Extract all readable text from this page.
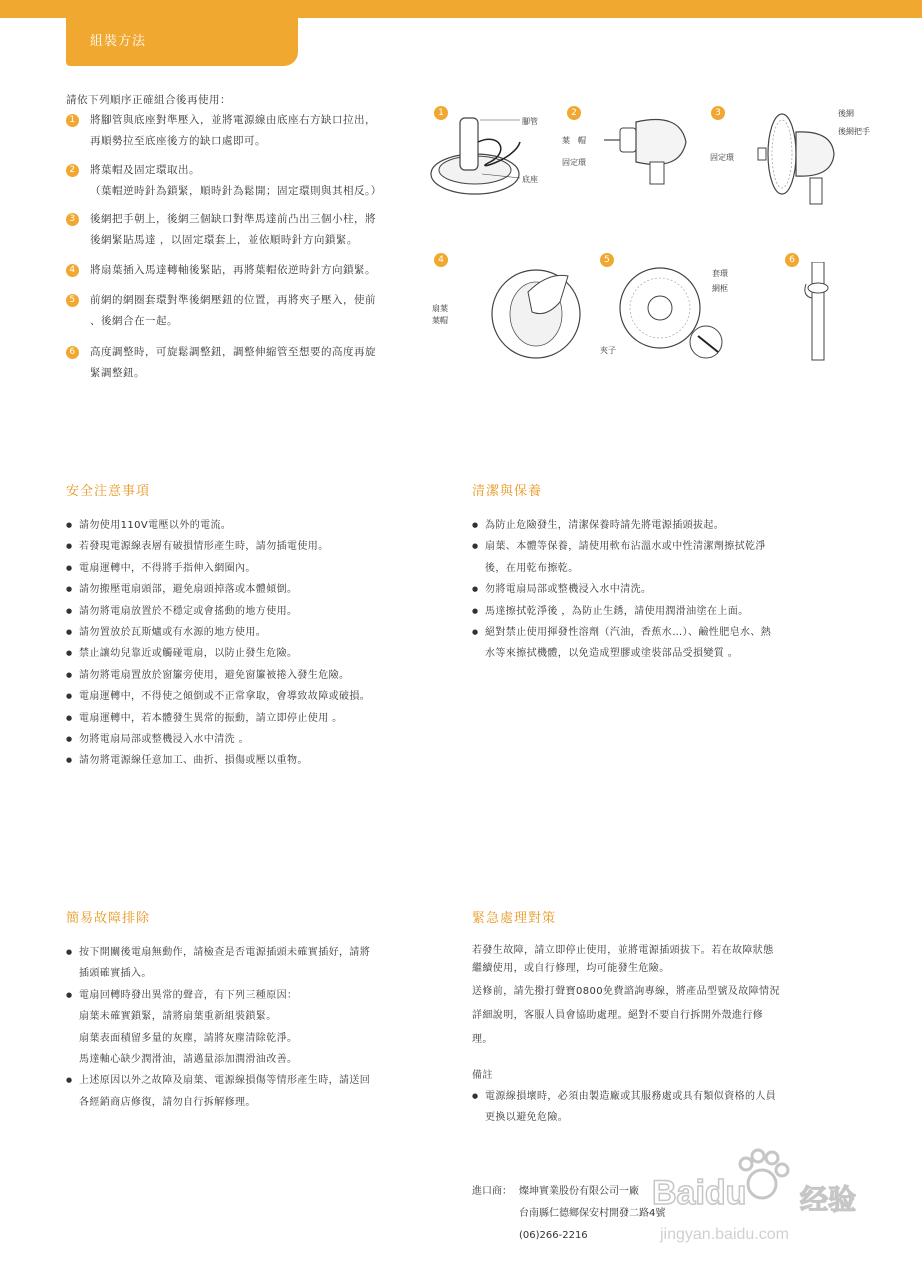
組裝方法
請依下列順序正確組合後再使用：
1	將腳管與底座對準壓入，並將電源線由底座右方缺口拉出，
再順勢拉至底座後方的缺口處即可。
2	將葉帽及固定環取出。
（葉帽逆時針為鎖緊，順時針為鬆開；固定環則與其相反。）
3	後網把手朝上，後網三個缺口對準馬達前凸出三個小柱，將
後網緊貼馬達 ，以固定環套上，並依順時針方向鎖緊。
4	將扇葉插入馬達轉軸後緊貼，再將葉帽依逆時針方向鎖緊。
5	前網的網圈套環對準後網壓鈕的位置，再將夾子壓入，使前
、後網合在一起。
6	高度調整時，可旋鬆調整鈕，調整伸縮管至想要的高度再旋
緊調整鈕。
1
腳管
底座
2
葉　帽
固定環
3	後網
後網把手
固定環
4
扇葉
葉帽
5
套環
網框
夾子
6
安全注意事項
● 請勿使用110V電壓以外的電流。
● 若發現電源線表層有破損情形產生時，請勿插電使用。
● 電扇運轉中，不得將手指伸入網圈內。
● 請勿搬壓電扇頭部，避免扇頭掉落或本體傾倒。
● 請勿將電扇放置於不穩定或會搖動的地方使用。
● 請勿置放於瓦斯爐或有水源的地方使用。
● 禁止讓幼兒靠近或觸碰電扇，以防止發生危險。
● 請勿將電扇置放於窗簾旁使用，避免窗簾被捲入發生危險。
● 電扇運轉中，不得使之傾倒或不正常拿取，會導致故障或破損。
● 電扇運轉中，若本體發生異常的振動，請立即停止使用 。
● 勿將電扇局部或整機浸入水中清洗 。
● 請勿將電源線任意加工、曲折、損傷或壓以重物。
清潔與保養
● 為防止危險發生，清潔保養時請先將電源插頭拔起。
● 扇葉、本體等保養，請使用軟布沾溫水或中性清潔劑擦拭乾淨
後，在用乾布擦乾。
● 勿將電扇局部或整機浸入水中清洗。
● 馬達擦拭乾淨後 ，為防止生銹，請使用潤滑油塗在上面。
● 絕對禁止使用揮發性溶劑（汽油，香蕉水…）、鹼性肥皂水、熱
水等來擦拭機體，以免造成塑膠或塗裝部品受損變質 。
簡易故障排除
● 按下開關後電扇無動作，請檢查是否電源插頭未確實插好，請將
插頭確實插入。
● 電扇回轉時發出異常的聲音，有下列三種原因：
扇葉未確實鎖緊，請將扇葉重新組裝鎖緊。
扇葉表面積留多量的灰塵，請將灰塵清除乾淨。
馬達軸心缺少潤滑油，請邁量添加潤滑油改善。
● 上述原因以外之故障及扇葉、電源線損傷等情形產生時，請送回
各經銷商店修復，請勿自行拆解修理。
緊急處理對策
若發生故障，請立即停止使用，並將電源插頭拔下。若在故障狀態
繼續使用，或自行修理，均可能發生危險。
送修前，請先撥打聲寶0800免費諮詢專線，將產品型號及故障情況
詳細說明，客服人員會協助處理。絕對不要自行拆開外殼進行修
理。
備註
● 電源線損壞時，必須由製造廠或其服務處或具有類似資格的人員
更換以避免危險。
進口商： 燦坤實業股份有限公司一廠
台南縣仁德鄉保安村開發二路4號
(06)266-2216
Baidu 经验
jingyan.baidu.com
